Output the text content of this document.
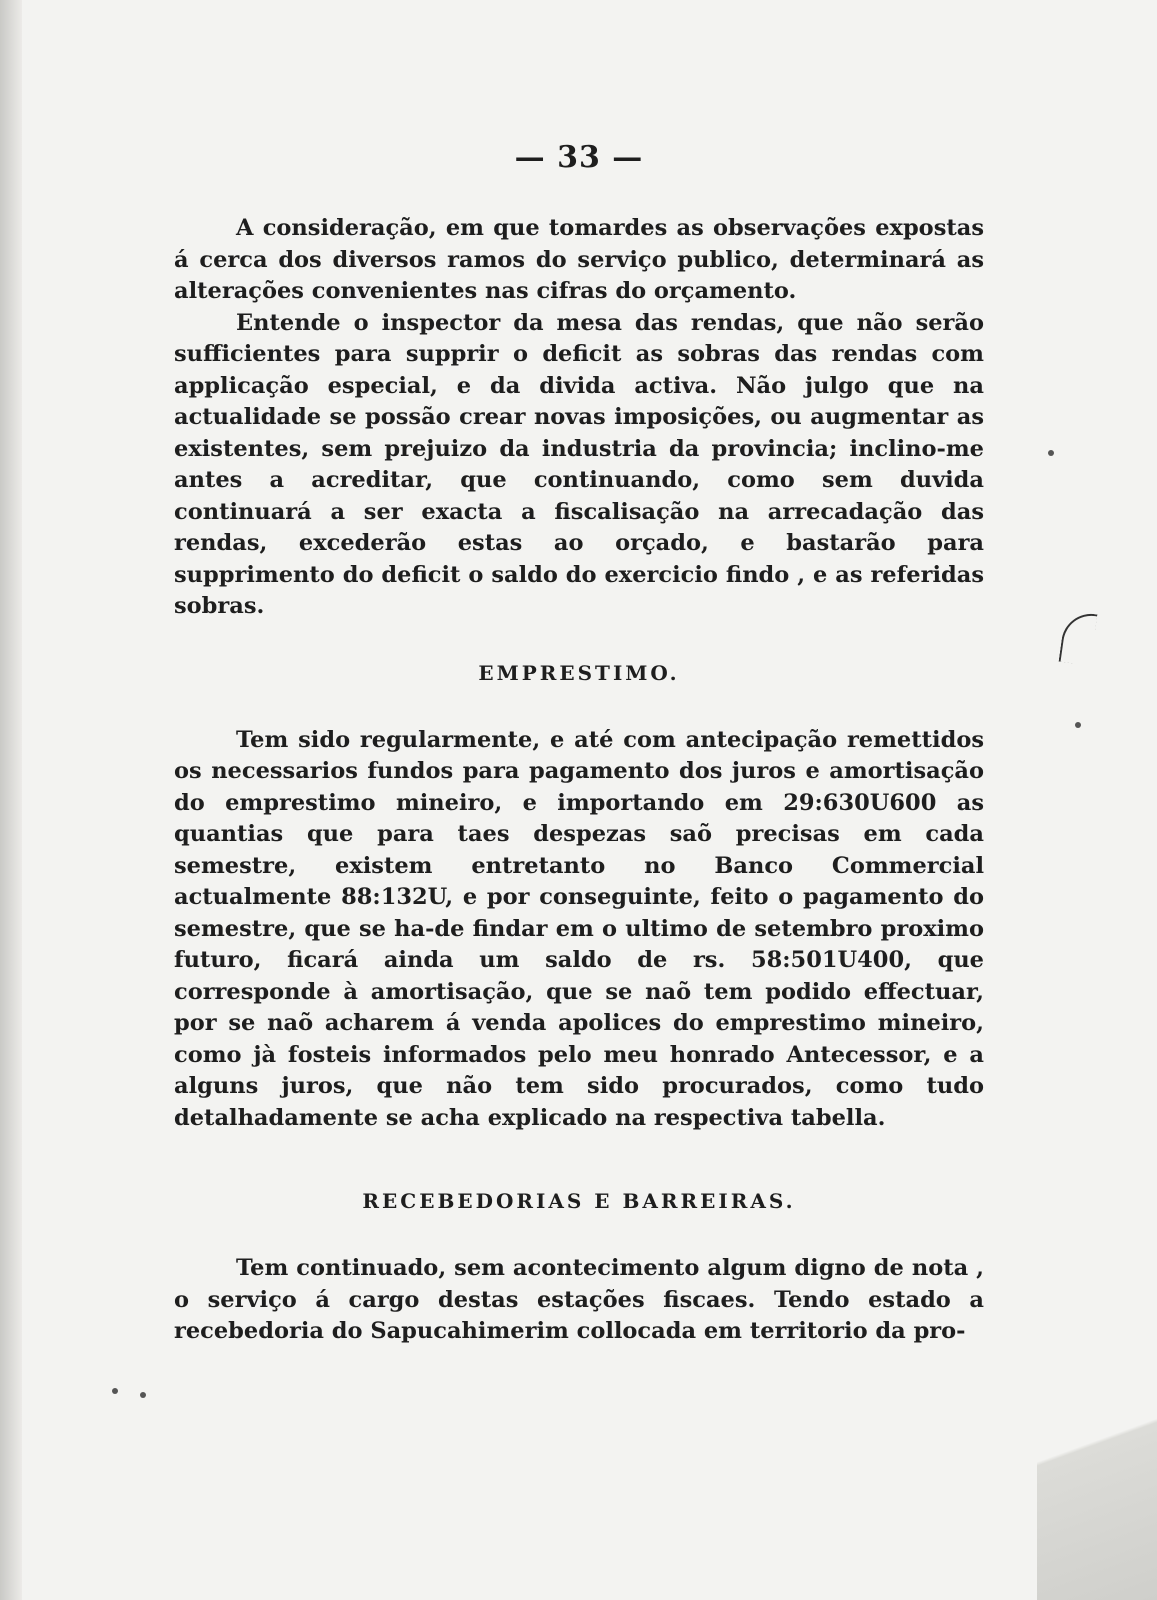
— 33 —

A consideração, em que tomardes as observações expostas á cerca dos diversos ramos do serviço publico, determinará as alterações convenientes nas cifras do orçamento.

Entende o inspector da mesa das rendas, que não serão sufficientes para supprir o deficit as sobras das rendas com applicação especial, e da divida activa. Não julgo que na actualidade se possão crear novas imposições, ou augmentar as existentes, sem prejuizo da industria da provincia; inclino-me antes a acreditar, que continuando, como sem duvida continuará a ser exacta a fiscalisação na arrecadação das rendas, excederão estas ao orçado, e bastarão para supprimento do deficit o saldo do exercicio findo , e as referidas sobras.

EMPRESTIMO.

Tem sido regularmente, e até com antecipação remettidos os necessarios fundos para pagamento dos juros e amortisação do emprestimo mineiro, e importando em 29:630U600 as quantias que para taes despezas saõ precisas em cada semestre, existem entretanto no Banco Commercial actualmente 88:132U, e por conseguinte, feito o pagamento do semestre, que se ha-de findar em o ultimo de setembro proximo futuro, ficará ainda um saldo de rs. 58:501U400, que corresponde à amortisação, que se naõ tem podido effectuar, por se naõ acharem á venda apolices do emprestimo mineiro, como jà fosteis informados pelo meu honrado Antecessor, e a alguns juros, que não tem sido procurados, como tudo detalhadamente se acha explicado na respectiva tabella.

RECEBEDORIAS E BARREIRAS.

Tem continuado, sem acontecimento algum digno de nota , o serviço á cargo destas estações fiscaes. Tendo estado a recebedoria do Sapucahimerim collocada em territorio da pro-
